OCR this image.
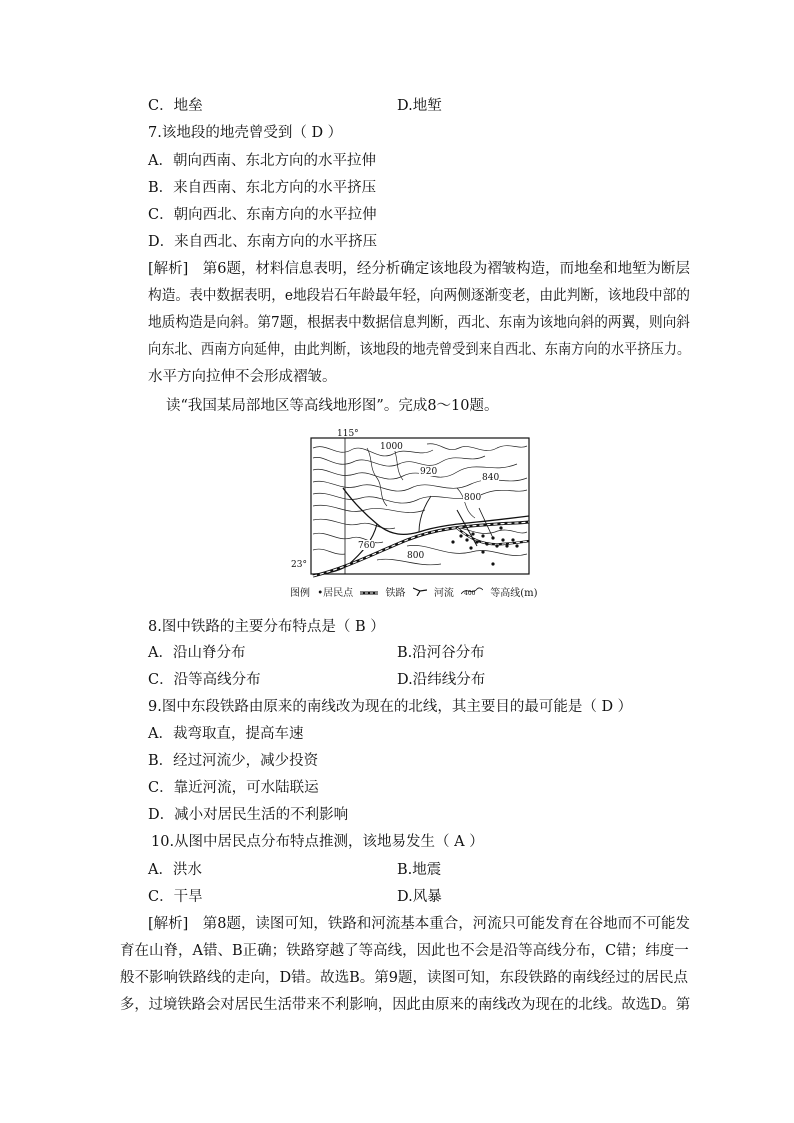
C．地垒	D.地堑
7.该地段的地壳曾受到（ D ）
A．朝向西南、东北方向的水平拉伸
B．来自西南、东北方向的水平挤压
C．朝向西北、东南方向的水平拉伸
D．来自西北、东南方向的水平挤压
[解析]　第6题，材料信息表明，经分析确定该地段为褶皱构造，而地垒和地堑为断层
构造。表中数据表明，e地段岩石年龄最年轻，向两侧逐渐变老，由此判断，该地段中部的
地质构造是向斜。第7题，根据表中数据信息判断，西北、东南为该地向斜的两翼，则向斜
向东北、西南方向延伸，由此判断，该地段的地壳曾受到来自西北、东南方向的水平挤压力。
水平方向拉伸不会形成褶皱。
读“我国某局部地区等高线地形图”。完成8～10题。
115°
1000
920
840
800
760
800
23°
图例 •居民点	铁路	河流 400 等高线(m)
8.图中铁路的主要分布特点是（ B ）
A．沿山脊分布	B.沿河谷分布
C．沿等高线分布	D.沿纬线分布
9.图中东段铁路由原来的南线改为现在的北线，其主要目的最可能是（ D ）
A．裁弯取直，提高车速
B．经过河流少，减少投资
C．靠近河流，可水陆联运
D．减小对居民生活的不利影响
10.从图中居民点分布特点推测，该地易发生（ A ）
A．洪水	B.地震
C．干旱	D.风暴
[解析]　第8题，读图可知，铁路和河流基本重合，河流只可能发育在谷地而不可能发
育在山脊，A错、B正确；铁路穿越了等高线，因此也不会是沿等高线分布，C错；纬度一
般不影响铁路线的走向，D错。故选B。第9题，读图可知，东段铁路的南线经过的居民点
多，过境铁路会对居民生活带来不利影响，因此由原来的南线改为现在的北线。故选D。第
